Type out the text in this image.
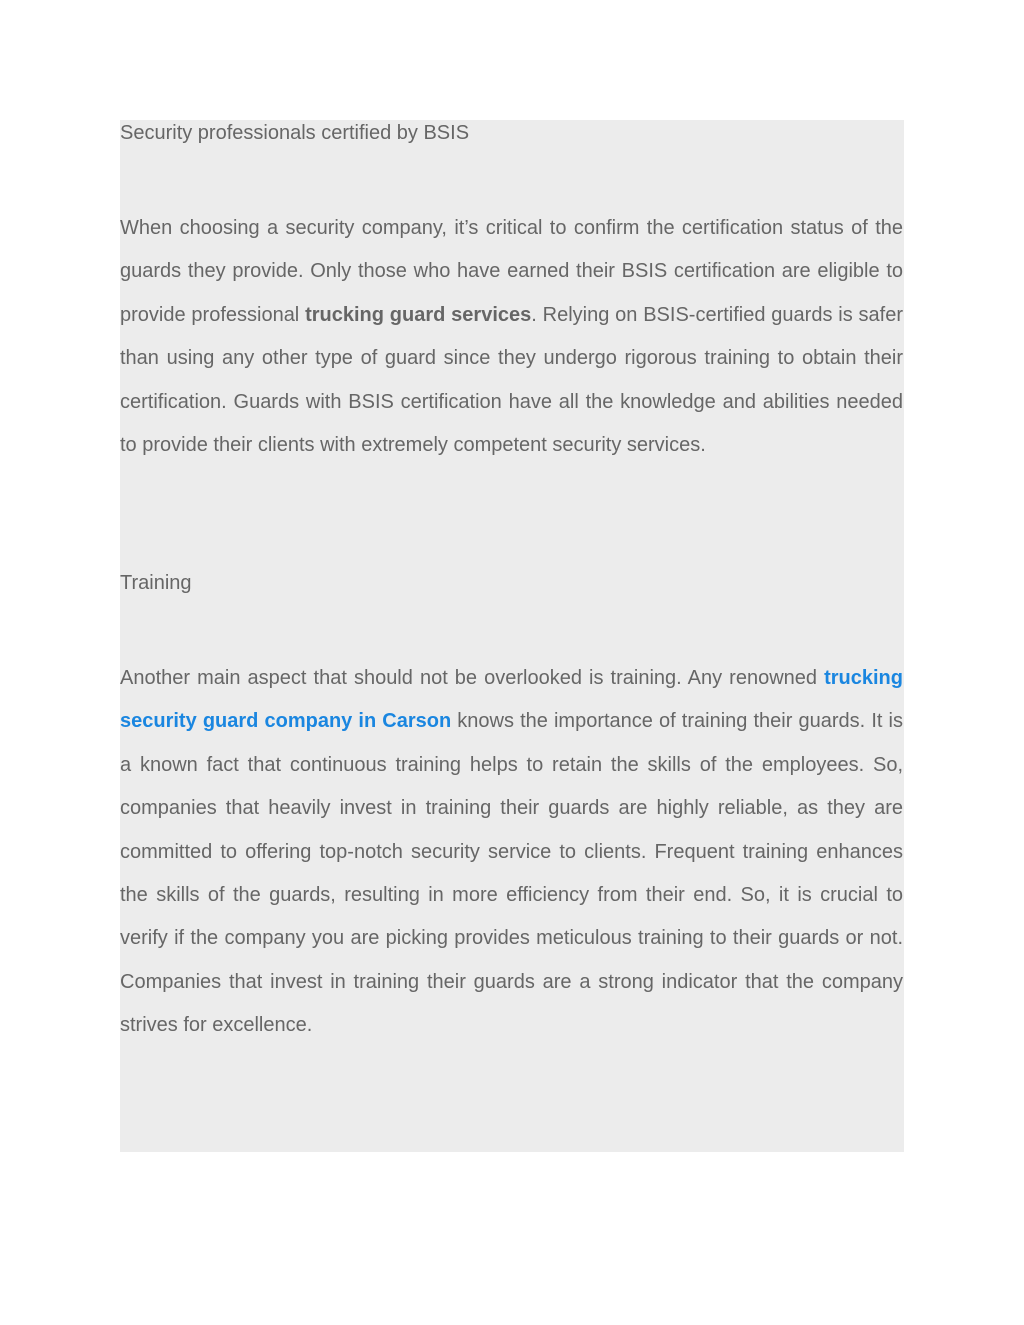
Security professionals certified by BSIS

When choosing a security company, it’s critical to confirm the certification status of the guards they provide. Only those who have earned their BSIS certification are eligible to provide professional trucking guard services. Relying on BSIS-certified guards is safer than using any other type of guard since they undergo rigorous training to obtain their certification. Guards with BSIS certification have all the knowledge and abilities needed to provide their clients with extremely competent security services.

Training

Another main aspect that should not be overlooked is training. Any renowned trucking security guard company in Carson knows the importance of training their guards. It is a known fact that continuous training helps to retain the skills of the employees. So, companies that heavily invest in training their guards are highly reliable, as they are committed to offering top-notch security service to clients. Frequent training enhances the skills of the guards, resulting in more efficiency from their end. So, it is crucial to verify if the company you are picking provides meticulous training to their guards or not. Companies that invest in training their guards are a strong indicator that the company strives for excellence.
